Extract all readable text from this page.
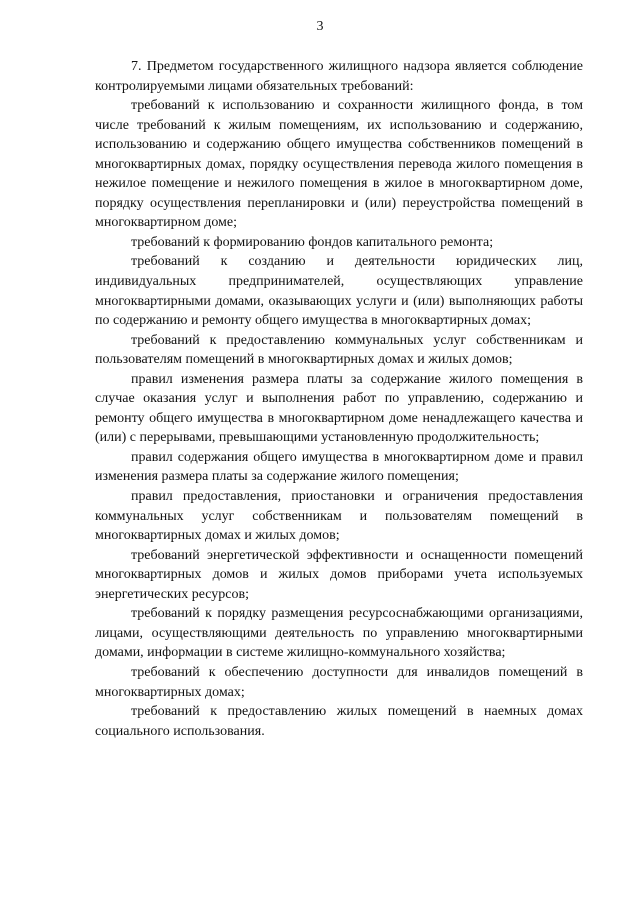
3

7. Предметом государственного жилищного надзора является соблюдение контролируемыми лицами обязательных требований:

требований к использованию и сохранности жилищного фонда, в том числе требований к жилым помещениям, их использованию и содержанию, использованию и содержанию общего имущества собственников помещений в многоквартирных домах, порядку осуществления перевода жилого помещения в нежилое помещение и нежилого помещения в жилое в многоквартирном доме, порядку осуществления перепланировки и (или) переустройства помещений в многоквартирном доме;

требований к формированию фондов капитального ремонта;

требований к созданию и деятельности юридических лиц, индивидуальных предпринимателей, осуществляющих управление многоквартирными домами, оказывающих услуги и (или) выполняющих работы по содержанию и ремонту общего имущества в многоквартирных домах;

требований к предоставлению коммунальных услуг собственникам и пользователям помещений в многоквартирных домах и жилых домов;

правил изменения размера платы за содержание жилого помещения в случае оказания услуг и выполнения работ по управлению, содержанию и ремонту общего имущества в многоквартирном доме ненадлежащего качества и (или) с перерывами, превышающими установленную продолжительность;

правил содержания общего имущества в многоквартирном доме и правил изменения размера платы за содержание жилого помещения;

правил предоставления, приостановки и ограничения предоставления коммунальных услуг собственникам и пользователям помещений в многоквартирных домах и жилых домов;

требований энергетической эффективности и оснащенности помещений многоквартирных домов и жилых домов приборами учета используемых энергетических ресурсов;

требований к порядку размещения ресурсоснабжающими организациями, лицами, осуществляющими деятельность по управлению многоквартирными домами, информации в системе жилищно-коммунального хозяйства;

требований к обеспечению доступности для инвалидов помещений в многоквартирных домах;

требований к предоставлению жилых помещений в наемных домах социального использования.
